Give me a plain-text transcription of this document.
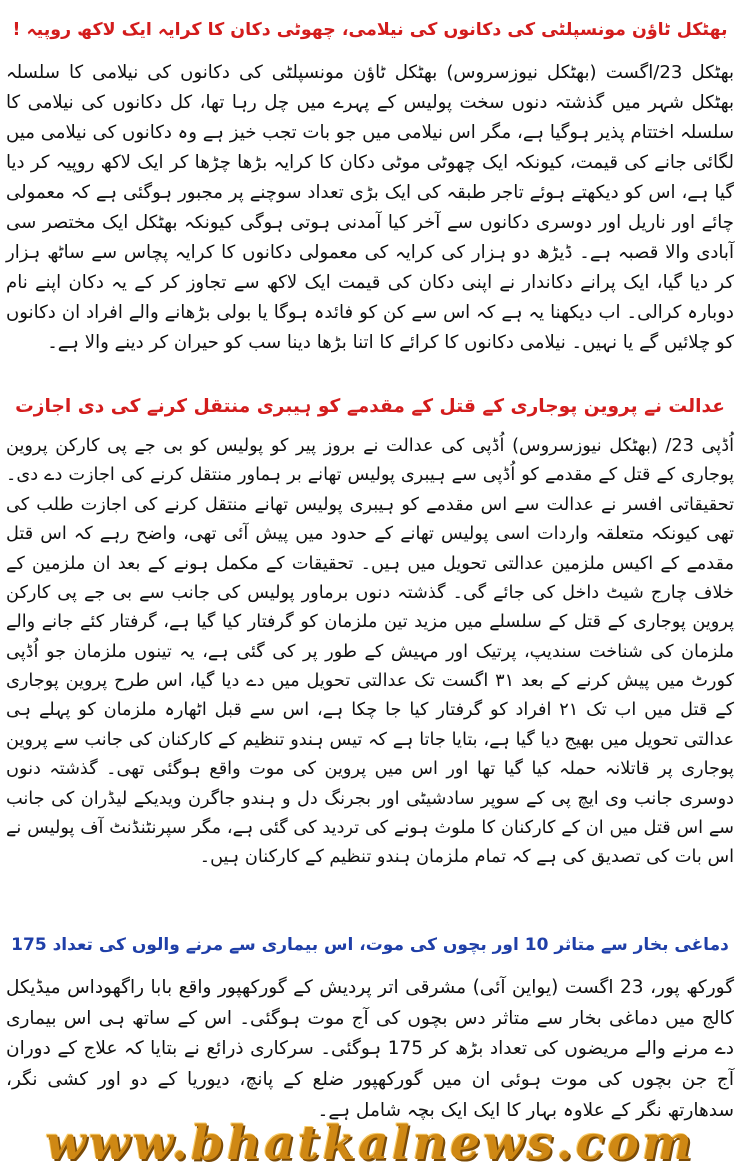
بھٹکل ٹاؤن مونسپلٹی کی دکانوں کی نیلامی، چھوٹی دکان کا کرایہ ایک لاکھ روپیہ !
بھٹکل 23/اگست (بھٹکل نیوزسروس) بھٹکل ٹاؤن مونسپلٹی کی دکانوں کی نیلامی کا سلسلہ بھٹکل شہر میں گذشتہ دنوں سخت پولیس کے پہرے میں چل رہا تھا، کل دکانوں کی نیلامی کا سلسلہ اختتام پذیر ہوگیا ہے، مگر اس نیلامی میں جو بات تجب خیز ہے وہ دکانوں کی نیلامی میں لگائی جانے کی قیمت، کیونکہ ایک چھوٹی موٹی دکان کا کرایہ بڑھا چڑھا کر ایک لاکھ روپیہ کر دیا گیا ہے، اس کو دیکھتے ہوئے تاجر طبقہ کی ایک بڑی تعداد سوچنے پر مجبور ہوگئی ہے کہ معمولی چائے اور ناریل اور دوسری دکانوں سے آخر کیا آمدنی ہوتی ہوگی کیونکہ بھٹکل ایک مختصر سی آبادی والا قصبہ ہے۔ ڈیڑھ دو ہزار کی کرایہ کی معمولی دکانوں کا کرایہ پچاس سے ساٹھ ہزار کر دیا گیا، ایک پرانے دکاندار نے اپنی دکان کی قیمت ایک لاکھ سے تجاوز کر کے یہ دکان اپنے نام دوبارہ کرالی۔ اب دیکھنا یہ ہے کہ اس سے کن کو فائدہ ہوگا یا بولی بڑھانے والے افراد ان دکانوں کو چلائیں گے یا نہیں۔ نیلامی دکانوں کا کرائے کا اتنا بڑھا دینا سب کو حیران کر دینے والا ہے۔
عدالت نے پروین پوجاری کے قتل کے مقدمے کو ہیبری منتقل کرنے کی دی اجازت
اُڈپی 23/ (بھٹکل نیوزسروس) اُڈپی کی عدالت نے بروز پیر کو پولیس کو بی جے پی کارکن پروین پوجاری کے قتل کے مقدمے کو اُڈپی سے ہیبری پولیس تھانے بر ہماور منتقل کرنے کی اجازت دے دی۔ تحقیقاتی افسر نے عدالت سے اس مقدمے کو ہیبری پولیس تھانے منتقل کرنے کی اجازت طلب کی تھی کیونکہ متعلقہ واردات اسی پولیس تھانے کے حدود میں پیش آئی تھی، واضح رہے کہ اس قتل مقدمے کے اکیس ملزمین عدالتی تحویل میں ہیں۔ تحقیقات کے مکمل ہونے کے بعد ان ملزمین کے خلاف چارج شیٹ داخل کی جائے گی۔ گذشتہ دنوں برماور پولیس کی جانب سے بی جے پی کارکن پروین پوجاری کے قتل کے سلسلے میں مزید تین ملزمان کو گرفتار کیا گیا ہے، گرفتار کئے جانے والے ملزمان کی شناخت سندیپ، پرتیک اور مہیش کے طور پر کی گئی ہے، یہ تینوں ملزمان جو اُڈپی کورٹ میں پیش کرنے کے بعد ۳۱ اگست تک عدالتی تحویل میں دے دیا گیا، اس طرح پروین پوجاری کے قتل میں اب تک ۲۱ افراد کو گرفتار کیا جا چکا ہے، اس سے قبل اٹھارہ ملزمان کو پہلے ہی عدالتی تحویل میں بھیج دیا گیا ہے، بتایا جاتا ہے کہ تیس ہندو تنظیم کے کارکنان کی جانب سے پروین پوجاری پر قاتلانہ حملہ کیا گیا تھا اور اس میں پروین کی موت واقع ہوگئی تھی۔ گذشتہ دنوں دوسری جانب وی ایچ پی کے سوپر سادشیٹی اور بجرنگ دل و ہندو جاگرن ویدیکے لیڈران کی جانب سے اس قتل میں ان کے کارکنان کا ملوث ہونے کی تردید کی گئی ہے، مگر سپرنٹنڈنٹ آف پولیس نے اس بات کی تصدیق کی ہے کہ تمام ملزمان ہندو تنظیم کے کارکنان ہیں۔
دماغی بخار سے متاثر 10 اور بچوں کی موت، اس بیماری سے مرنے والوں کی تعداد 175
گورکھ پور، 23 اگست (یواین آئی) مشرقی اتر پردیش کے گورکھپور واقع بابا راگھوداس میڈیکل کالج میں دماغی بخار سے متاثر دس بچوں کی آج موت ہوگئی۔ اس کے ساتھ ہی اس بیماری دے مرنے والے مریضوں کی تعداد بڑھ کر 175 ہوگئی۔ سرکاری ذرائع نے بتایا کہ علاج کے دوران آج جن بچوں کی موت ہوئی ان میں گورکھپور ضلع کے پانچ، دیوریا کے دو اور کشی نگر، سدھارتھ نگر کے علاوہ بہار کا ایک ایک بچہ شامل ہے۔
www.bhatkalnews.com
